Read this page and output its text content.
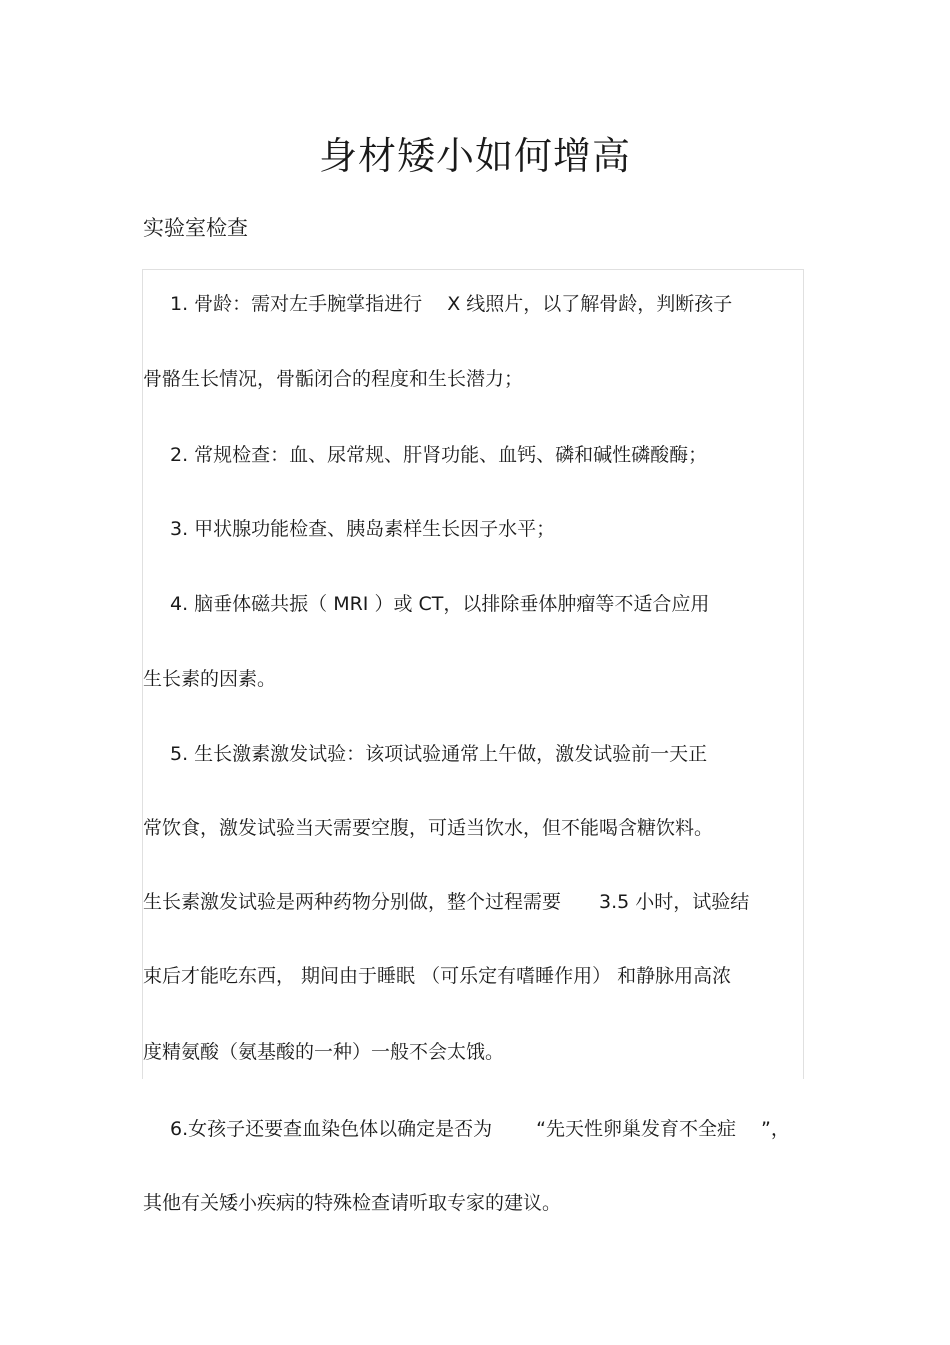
身材矮小如何增高
实验室检查

1. 骨龄：需对左手腕掌指进行　 X 线照片，以了解骨龄，判断孩子

骨骼生长情况，骨骺闭合的程度和生长潜力；

2. 常规检查：血、尿常规、肝肾功能、血钙、磷和碱性磷酸酶；

3. 甲状腺功能检查、胰岛素样生长因子水平；

4. 脑垂体磁共振（ MRI ）或 CT，以排除垂体肿瘤等不适合应用

生长素的因素。

5. 生长激素激发试验：该项试验通常上午做，激发试验前一天正

常饮食，激发试验当天需要空腹，可适当饮水，但不能喝含糖饮料。

生长素激发试验是两种药物分别做，整个过程需要　　3.5 小时，试验结

束后才能吃东西， 期间由于睡眠 （可乐定有嗜睡作用） 和静脉用高浓

度精氨酸（氨基酸的一种）一般不会太饿。

6.女孩子还要查血染色体以确定是否为　　 “先天性卵巢发育不全症　 ”，

其他有关矮小疾病的特殊检查请听取专家的建议。
